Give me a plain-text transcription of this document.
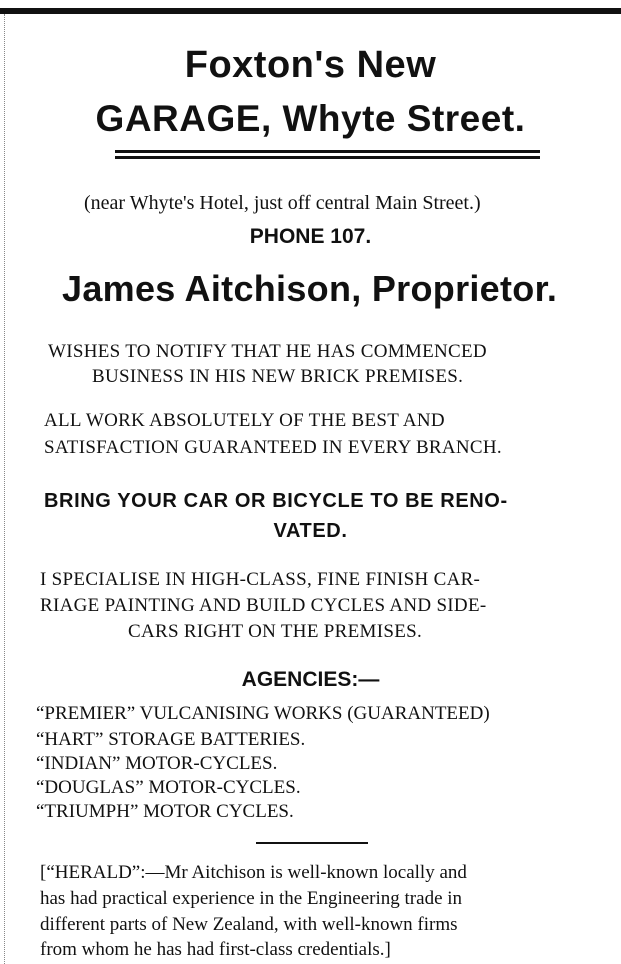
Foxton's New
GARAGE, Whyte Street.
(near Whyte's Hotel, just off central Main Street.)
PHONE 107.
James Aitchison, Proprietor.
WISHES TO NOTIFY THAT HE HAS COMMENCED
BUSINESS IN HIS NEW BRICK PREMISES.
ALL WORK ABSOLUTELY OF THE BEST AND
SATISFACTION GUARANTEED IN EVERY BRANCH.
BRING YOUR CAR OR BICYCLE TO BE RENO-
VATED.
I SPECIALISE IN HIGH-CLASS, FINE FINISH CAR-
RIAGE PAINTING AND BUILD CYCLES AND SIDE-
CARS RIGHT ON THE PREMISES.
AGENCIES:—
“PREMIER” VULCANISING WORKS (GUARANTEED)
“HART” STORAGE BATTERIES.
“INDIAN” MOTOR-CYCLES.
“DOUGLAS” MOTOR-CYCLES.
“TRIUMPH” MOTOR CYCLES.
[“HERALD”:—Mr Aitchison is well-known locally and
has had practical experience in the Engineering trade in
different parts of New Zealand, with well-known firms
from whom he has had first-class credentials.]
